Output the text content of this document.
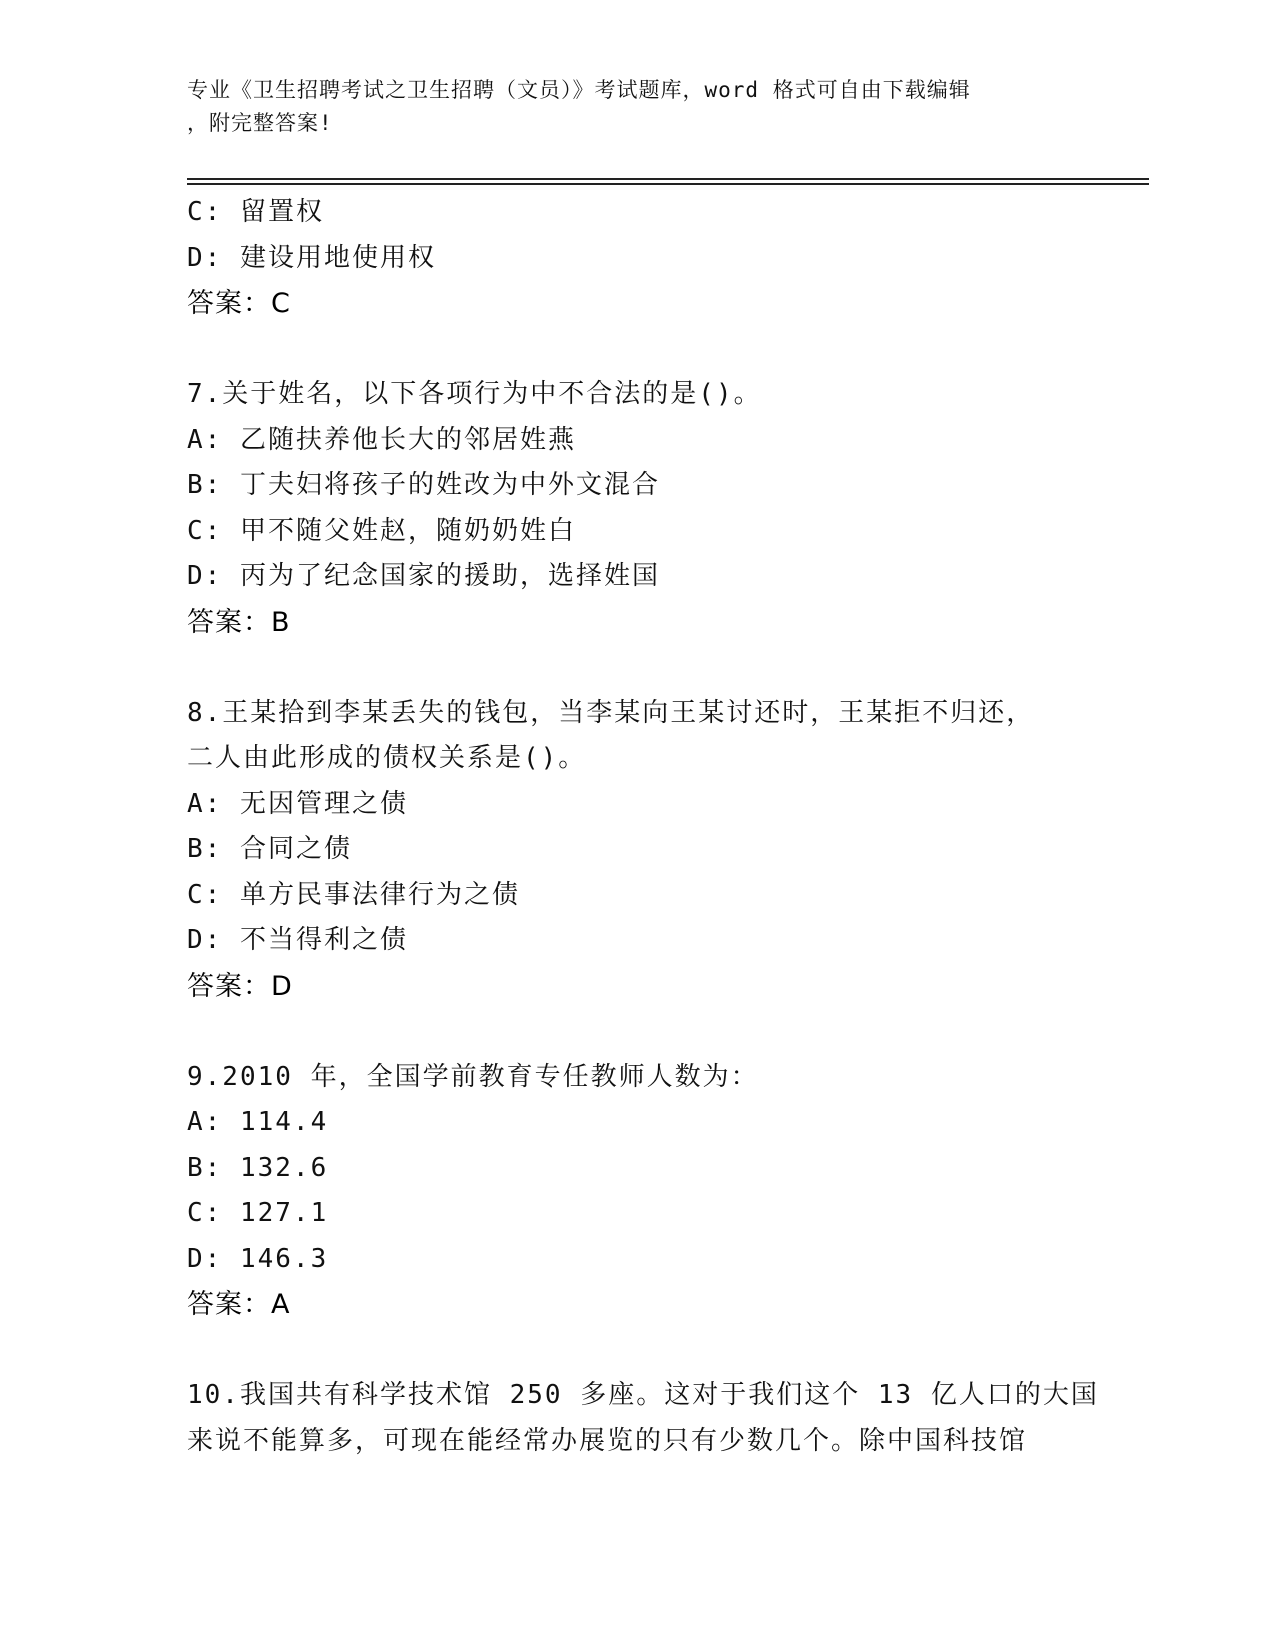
专业《卫生招聘考试之卫生招聘（文员）》考试题库，word 格式可自由下载编辑
，附完整答案!
C: 留置权
D: 建设用地使用权
答案：C
7.关于姓名，以下各项行为中不合法的是()。
A: 乙随扶养他长大的邻居姓燕
B: 丁夫妇将孩子的姓改为中外文混合
C: 甲不随父姓赵，随奶奶姓白
D: 丙为了纪念国家的援助，选择姓国
答案：B
8.王某拾到李某丢失的钱包，当李某向王某讨还时，王某拒不归还，
二人由此形成的债权关系是()。
A: 无因管理之债
B: 合同之债
C: 单方民事法律行为之债
D: 不当得利之债
答案：D
9.2010 年，全国学前教育专任教师人数为：
A: 114.4
B: 132.6
C: 127.1
D: 146.3
答案：A
10.我国共有科学技术馆 250 多座。这对于我们这个 13 亿人口的大国
来说不能算多，可现在能经常办展览的只有少数几个。除中国科技馆
